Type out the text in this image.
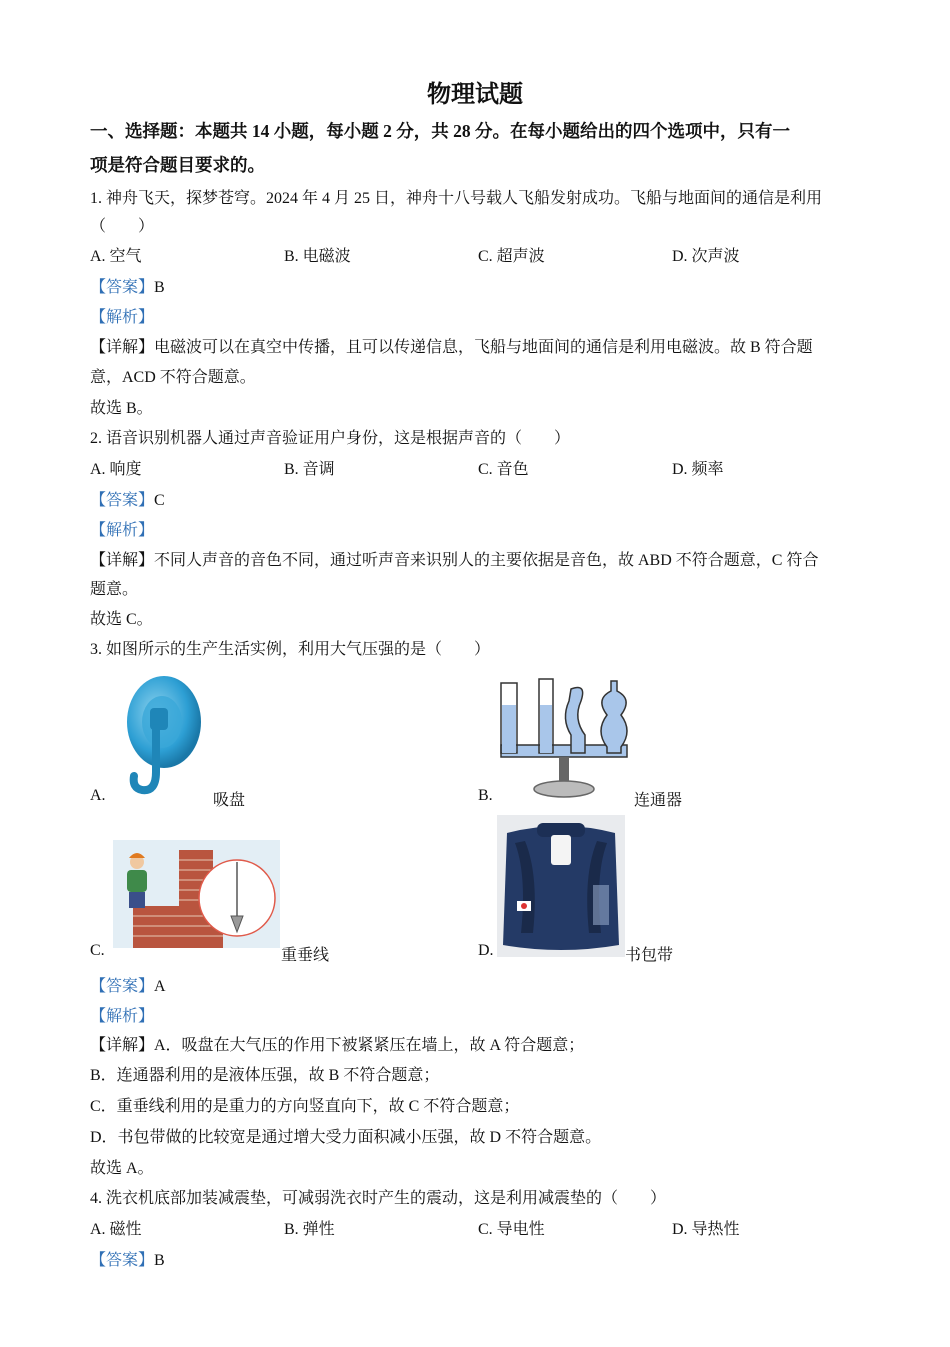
物理试题
一、选择题：本题共 14 小题，每小题 2 分，共 28 分。在每小题给出的四个选项中，只有一
项是符合题目要求的。
1. 神舟飞天，探梦苍穹。2024 年 4 月 25 日，神舟十八号载人飞船发射成功。飞船与地面间的通信是利用
（　　）
A. 空气	B. 电磁波	C. 超声波	D. 次声波
【答案】B
【解析】
【详解】电磁波可以在真空中传播，且可以传递信息，飞船与地面间的通信是利用电磁波。故 B 符合题
意，ACD 不符合题意。
故选 B。
2. 语音识别机器人通过声音验证用户身份，这是根据声音的（　　）
A. 响度	B. 音调	C. 音色	D. 频率
【答案】C
【解析】
【详解】不同人声音的音色不同，通过听声音来识别人的主要依据是音色，故 ABD 不符合题意，C 符合
题意。
故选 C。
3. 如图所示的生产生活实例，利用大气压强的是（　　）
A.	吸盘	B.	连通器
C.	重垂线	D.	书包带
【答案】A
【解析】
【详解】A．吸盘在大气压的作用下被紧紧压在墙上，故 A 符合题意；
B．连通器利用的是液体压强，故 B 不符合题意；
C．重垂线利用的是重力的方向竖直向下，故 C 不符合题意；
D．书包带做的比较宽是通过增大受力面积减小压强，故 D 不符合题意。
故选 A。
4. 洗衣机底部加装减震垫，可减弱洗衣时产生的震动，这是利用减震垫的（　　）
A. 磁性	B. 弹性	C. 导电性	D. 导热性
【答案】B
